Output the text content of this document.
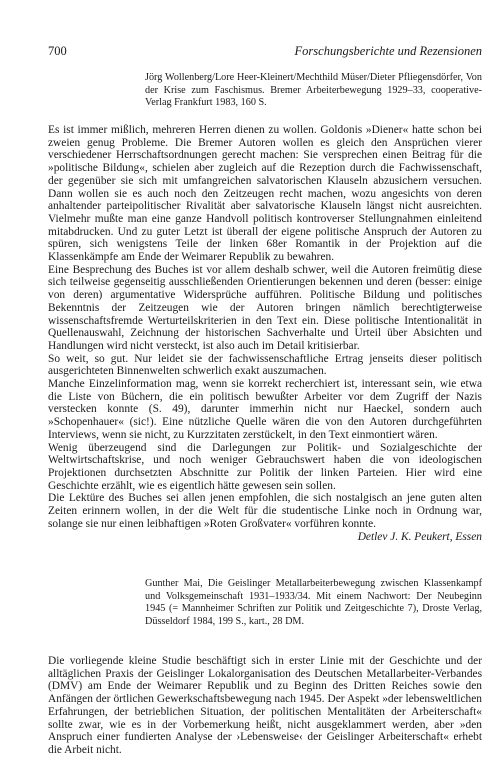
700	Forschungsberichte und Rezensionen
Jörg Wollenberg/Lore Heer-Kleinert/Mechthild Müser/Dieter Pfliegensdörfer, Von der Krise zum Faschismus. Bremer Arbeiterbewegung 1929–33, cooperative-Verlag Frankfurt 1983, 160 S.

Es ist immer mißlich, mehreren Herren dienen zu wollen. Goldonis »Diener« hatte schon bei zweien genug Probleme. Die Bremer Autoren wollen es gleich den Ansprüchen vierer verschiedener Herrschaftsordnungen gerecht machen: Sie versprechen einen Beitrag für die »politische Bildung«, schielen aber zugleich auf die Rezeption durch die Fachwissenschaft, der gegenüber sie sich mit umfangreichen salvatorischen Klauseln abzusichern versuchen. Dann wollen sie es auch noch den Zeitzeugen recht machen, wozu angesichts von deren anhaltender parteipolitischer Rivalität aber salvatorische Klauseln längst nicht ausreichten. Vielmehr mußte man eine ganze Handvoll politisch kontroverser Stellungnahmen einleitend mitabdrucken. Und zu guter Letzt ist überall der eigene politische Anspruch der Autoren zu spüren, sich wenigstens Teile der linken 68er Romantik in der Projektion auf die Klassenkämpfe am Ende der Weimarer Republik zu bewahren.

Eine Besprechung des Buches ist vor allem deshalb schwer, weil die Autoren freimütig diese sich teilweise gegenseitig ausschließenden Orientierungen bekennen und deren (besser: einige von deren) argumentative Widersprüche aufführen. Politische Bildung und politisches Bekenntnis der Zeitzeugen wie der Autoren bringen nämlich berechtigterweise wissenschaftsfremde Werturteilskriterien in den Text ein. Diese politische Intentionalität in Quellenauswahl, Zeichnung der historischen Sachverhalte und Urteil über Absichten und Handlungen wird nicht versteckt, ist also auch im Detail kritisierbar.

So weit, so gut. Nur leidet sie der fachwissenschaftliche Ertrag jenseits dieser politisch ausgerichteten Binnenwelten schwerlich exakt auszumachen.

Manche Einzelinformation mag, wenn sie korrekt recherchiert ist, interessant sein, wie etwa die Liste von Büchern, die ein politisch bewußter Arbeiter vor dem Zugriff der Nazis verstecken konnte (S. 49), darunter immerhin nicht nur Haeckel, sondern auch »Schopenhauer« (sic!). Eine nützliche Quelle wären die von den Autoren durchgeführten Interviews, wenn sie nicht, zu Kurzzitaten zerstückelt, in den Text einmontiert wären.

Wenig überzeugend sind die Darlegungen zur Politik- und Sozialgeschichte der Weltwirtschaftskrise, und noch weniger Gebrauchswert haben die von ideologischen Projektionen durchsetzten Abschnitte zur Politik der linken Parteien. Hier wird eine Geschichte erzählt, wie es eigentlich hätte gewesen sein sollen.

Die Lektüre des Buches sei allen jenen empfohlen, die sich nostalgisch an jene guten alten Zeiten erinnern wollen, in der die Welt für die studentische Linke noch in Ordnung war, solange sie nur einen leibhaftigen »Roten Großvater« vorführen konnte.

Detlev J. K. Peukert, Essen

Gunther Mai, Die Geislinger Metallarbeiterbewegung zwischen Klassenkampf und Volksgemeinschaft 1931–1933/34. Mit einem Nachwort: Der Neubeginn 1945 (= Mannheimer Schriften zur Politik und Zeitgeschichte 7), Droste Verlag, Düsseldorf 1984, 199 S., kart., 28 DM.

Die vorliegende kleine Studie beschäftigt sich in erster Linie mit der Geschichte und der alltäglichen Praxis der Geislinger Lokalorganisation des Deutschen Metallarbeiter-Verbandes (DMV) am Ende der Weimarer Republik und zu Beginn des Dritten Reiches sowie den Anfängen der örtlichen Gewerkschaftsbewegung nach 1945. Der Aspekt »der lebensweltlichen Erfahrungen, der betrieblichen Situation, der politischen Mentalitäten der Arbeiterschaft« sollte zwar, wie es in der Vorbemerkung heißt, nicht ausgeklammert werden, aber »den Anspruch einer fundierten Analyse der ›Lebensweise‹ der Geislinger Arbeiterschaft« erhebt die Arbeit nicht.
